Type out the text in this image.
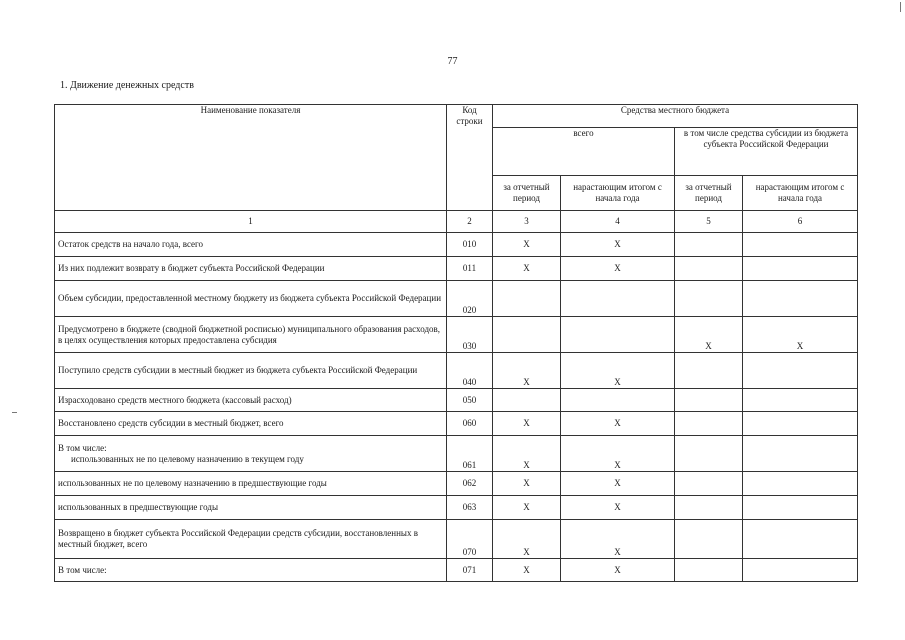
77
1. Движение денежных средств
Наименование показателя	Код строки	Средства местного бюджета			
		всего		в том числе средства субсидии из бюджета субъекта Российской Федерации	
		за отчетный период	нарастающим итогом с начала года	за отчетный период	нарастающим итогом с начала года
1	2	3	4	5	6
Остаток средств на начало года, всего	010	X	X		
Из них подлежит возврату в бюджет субъекта Российской Федерации	011	X	X		
Объем субсидии, предоставленной местному бюджету из бюджета субъекта Российской Федерации	020				
Предусмотрено в бюджете (сводной бюджетной росписью) муниципального образования расходов, в целях осуществления которых предоставлена субсидия	030			X	X
Поступило средств субсидии в местный бюджет из бюджета субъекта Российской Федерации	040	X	X		
Израсходовано средств местного бюджета (кассовый расход)	050				
Восстановлено средств субсидии в местный бюджет, всего	060	X	X		

В том числе:
использованных не по целевому назначению в текущем году	061	X	X		
использованных не по целевому назначению в предшествующие годы	062	X	X		
использованных в предшествующие годы	063	X	X		
Возвращено в бюджет субъекта Российской Федерации средств субсидии, восстановленных в местный бюджет, всего	070	X	X		
В том числе:	071	X	X		
